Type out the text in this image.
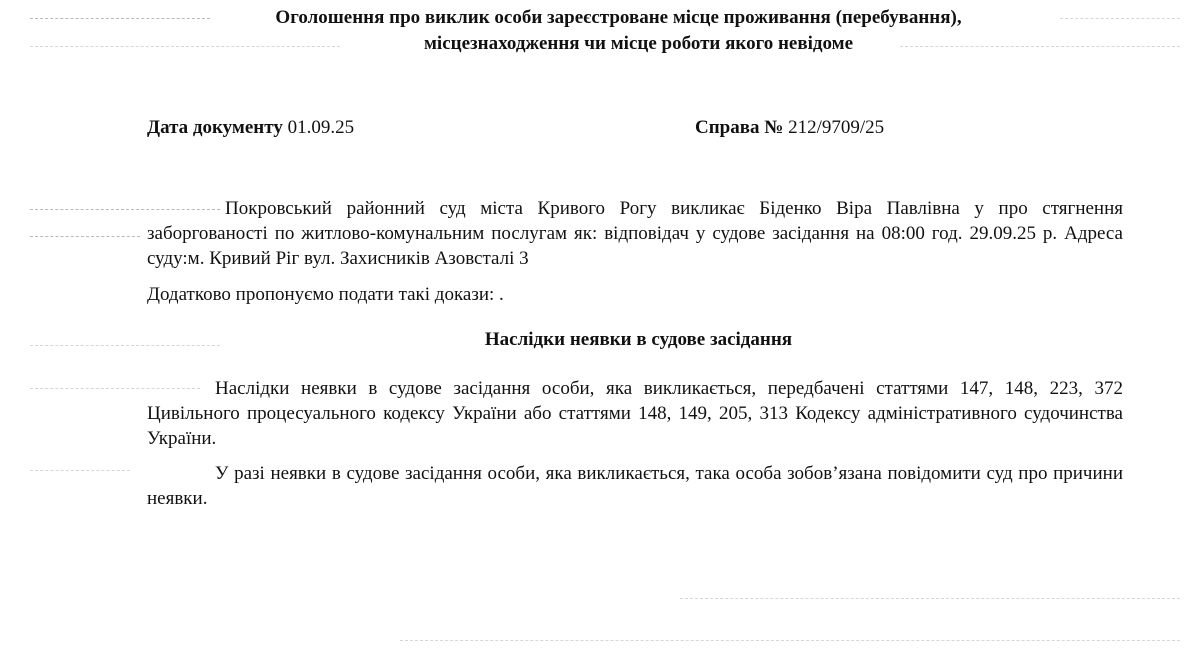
Оголошення про виклик особи зареєстроване місце проживання (перебування),
місцезнаходження чи місце роботи якого невідоме
Дата документу 01.09.25	Справа № 212/9709/25
Покровський районний суд міста Кривого Рогу викликає Біденко Віра Павлівна у про стягнення заборгованості по житлово-комунальним послугам як: відповідач у судове засідання на 08:00 год. 29.09.25 р. Адреса суду:м. Кривий Ріг вул. Захисників Азовсталі 3
Додатково пропонуємо подати такі докази: .
Наслідки неявки в судове засідання
Наслідки неявки в судове засідання особи, яка викликається, передбачені статтями 147, 148, 223, 372 Цивільного процесуального кодексу України або статтями 148, 149, 205, 313 Кодексу адміністративного судочинства України.
У разі неявки в судове засідання особи, яка викликається, така особа зобов’язана повідомити суд про причини неявки.
